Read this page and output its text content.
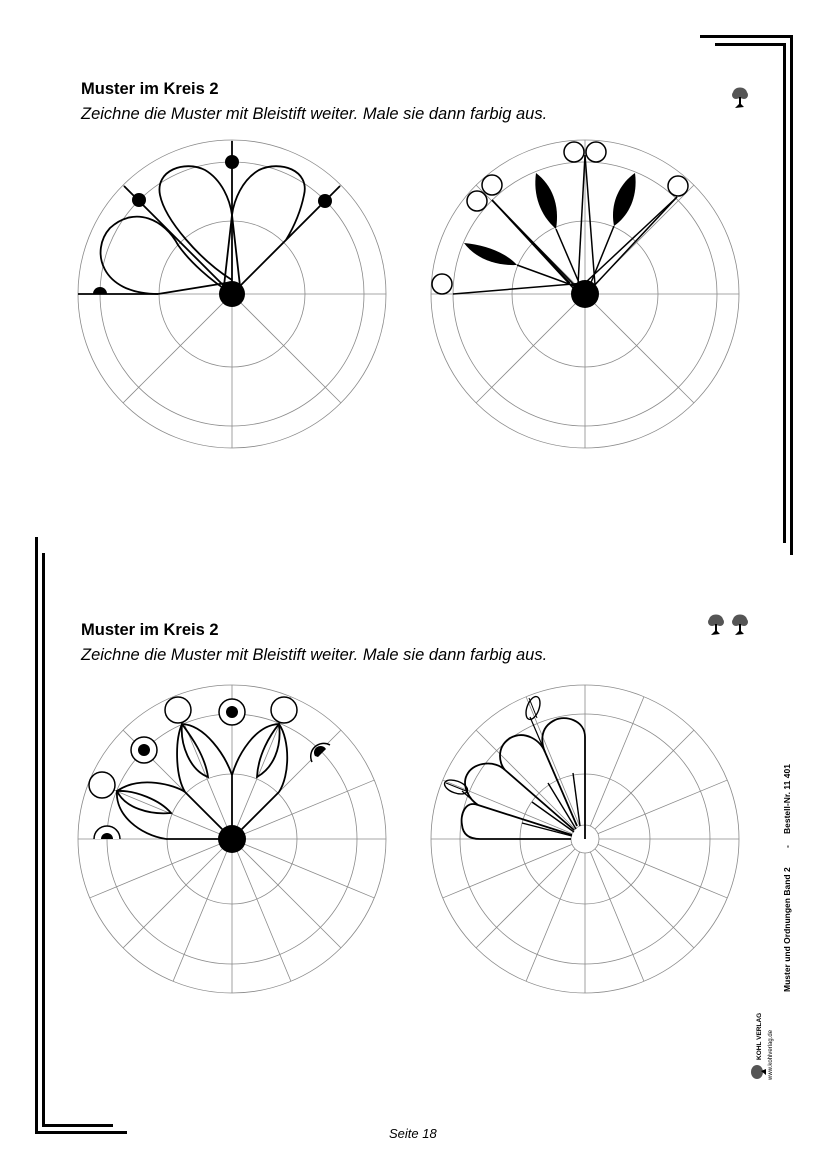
Muster im Kreis 2
Zeichne die Muster mit Bleistift weiter. Male sie dann farbig aus.
Muster im Kreis 2
Zeichne die Muster mit Bleistift weiter. Male sie dann farbig aus.
Seite 18
Bestell-Nr. 11 401
-
Muster und Ordnungen Band 2
www.kohlverlag.de
KOHL VERLAG
